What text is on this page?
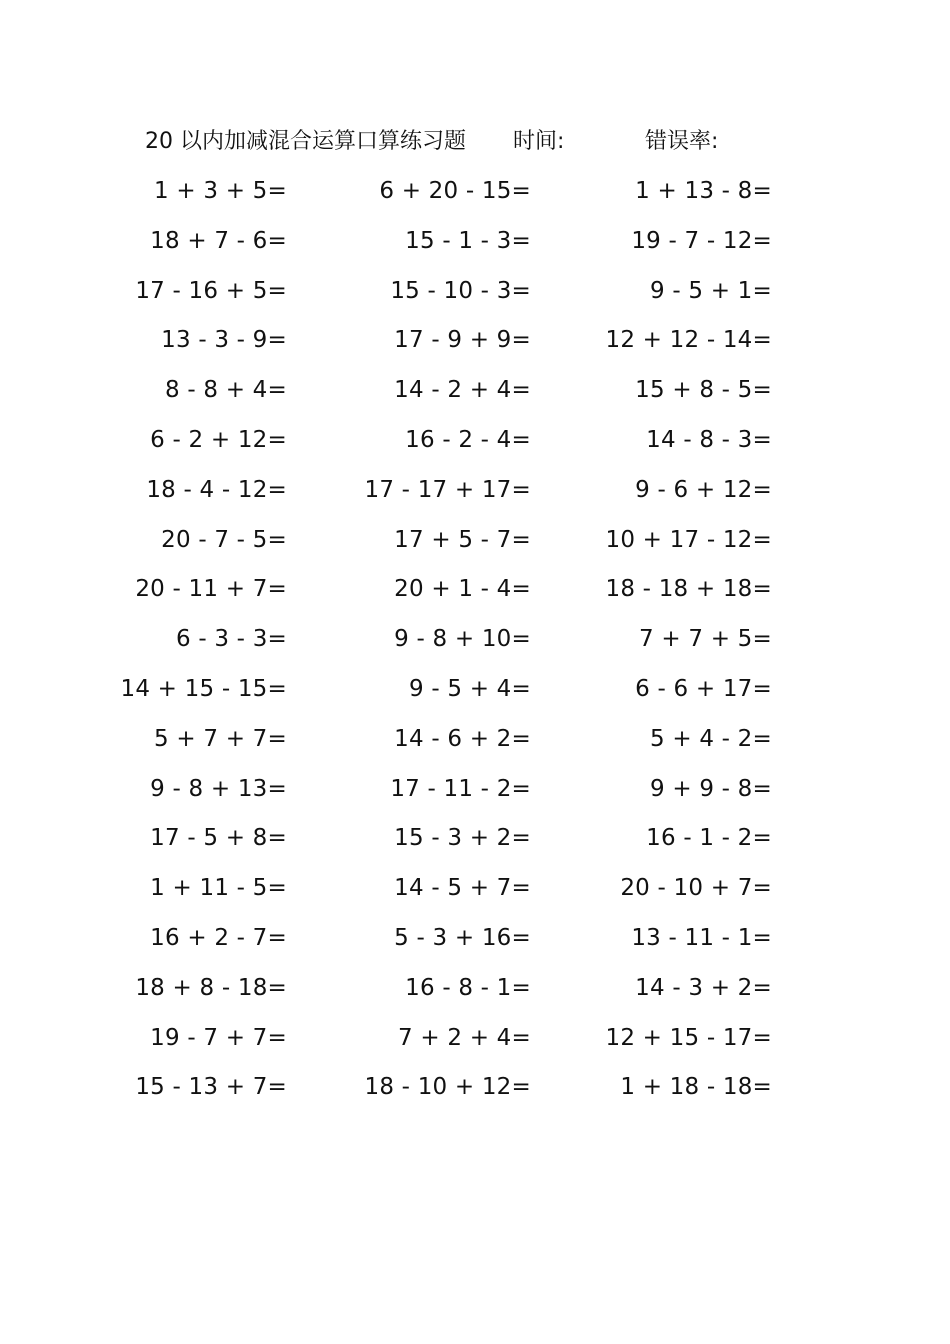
20 以内加减混合运算口算练习题 时间:	错误率:
1 + 3 + 5=	6 + 20 - 15=	1 + 13 - 8=
18 + 7 - 6=	15 - 1 - 3=	19 - 7 - 12=
17 - 16 + 5=	15 - 10 - 3=	9 - 5 + 1=
13 - 3 - 9=	17 - 9 + 9=	12 + 12 - 14=
8 - 8 + 4=	14 - 2 + 4=	15 + 8 - 5=
6 - 2 + 12=	16 - 2 - 4=	14 - 8 - 3=
18 - 4 - 12=	17 - 17 + 17=	9 - 6 + 12=
20 - 7 - 5=	17 + 5 - 7=	10 + 17 - 12=
20 - 11 + 7=	20 + 1 - 4=	18 - 18 + 18=
6 - 3 - 3=	9 - 8 + 10=	7 + 7 + 5=
14 + 15 - 15=	9 - 5 + 4=	6 - 6 + 17=
5 + 7 + 7=	14 - 6 + 2=	5 + 4 - 2=
9 - 8 + 13=	17 - 11 - 2=	9 + 9 - 8=
17 - 5 + 8=	15 - 3 + 2=	16 - 1 - 2=
1 + 11 - 5=	14 - 5 + 7=	20 - 10 + 7=
16 + 2 - 7=	5 - 3 + 16=	13 - 11 - 1=
18 + 8 - 18=	16 - 8 - 1=	14 - 3 + 2=
19 - 7 + 7=	7 + 2 + 4=	12 + 15 - 17=
15 - 13 + 7=	18 - 10 + 12=	1 + 18 - 18=
